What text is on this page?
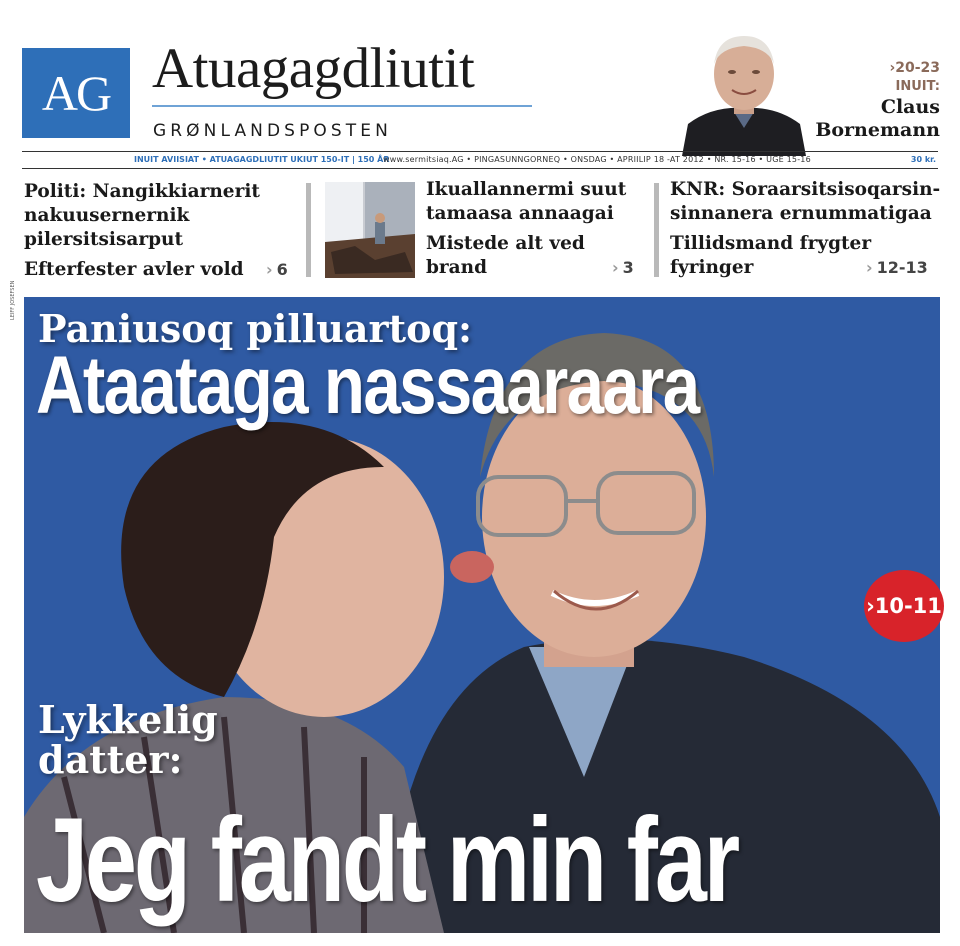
AG Atuagagdliutit
GRØNLANDSPOSTEN
›20-23
INUIT:
Claus Bornemann
INUIT AVIISIAT • ATUAGAGDLIUTIT UKIUT 150-IT | 150 ÅR
www.sermitsiaq.AG • PINGASUNNGORNEQ • ONSDAG • APRIILIP 18 -AT 2012 • NR. 15-16 • UGE 15-16	30 kr.
Politi: Nangikkiarnerit nakuusernernik pilersitsisarput
Efterfester avler vold › 6
Ikuallannermi suut tamaasa annaagai
Mistede alt ved brand	› 3
KNR: Soraarsitsisoqarsin-sinnanera ernummatigaa
Tillidsmand frygter fyringer	› 12-13
LEIFF JOSEFSEN
Paniusoq pilluartoq:
Ataataga nassaaraara
Lykkelig
datter:
Jeg fandt min far
› 10-11
